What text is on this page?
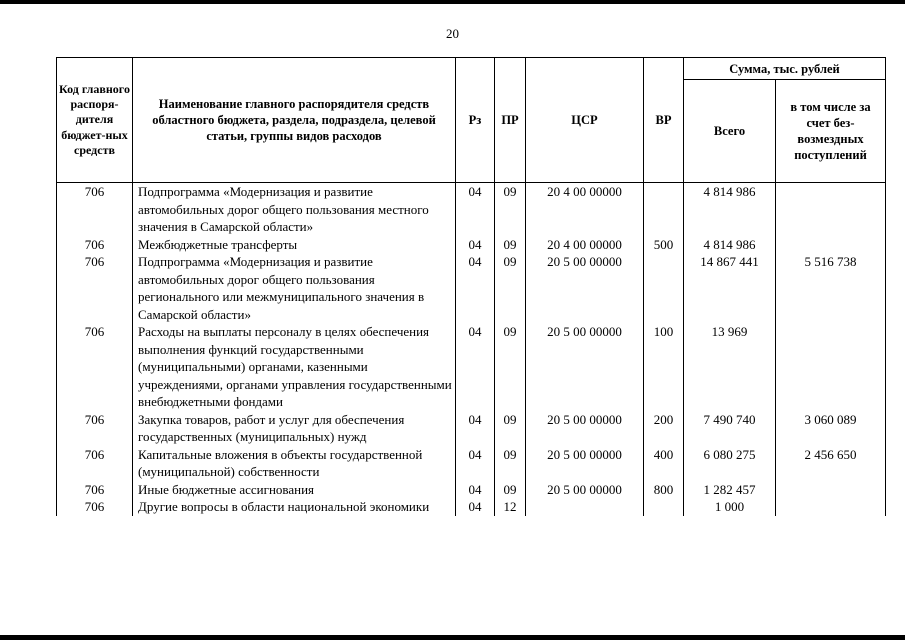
20
Код главного распоря-дителя бюджет-ных средств	Наименование главного распорядителя средств областного бюджета, раздела, подраздела, целевой статьи, группы видов расходов	Рз	ПР	ЦСР	ВР	Сумма, тыс. рублей	
						Всего	в том числе за счет без-возмездных поступлений
706	Подпрограмма «Модернизация и развитие автомобильных дорог общего пользования местного значения в Самарской области»	04	09	20 4 00 00000		4 814 986	
706	Межбюджетные трансферты	04	09	20 4 00 00000	500	4 814 986	
706	Подпрограмма «Модернизация и развитие автомобильных дорог общего пользования регионального или межмуниципального значения в Самарской области»	04	09	20 5 00 00000		14 867 441	5 516 738
706	Расходы на выплаты персоналу в целях обеспечения выполнения функций государственными (муниципальными) органами, казенными учреждениями, органами управления государственными внебюджетными фондами	04	09	20 5 00 00000	100	13 969	
706	Закупка товаров, работ и услуг для обеспечения государственных (муниципальных) нужд	04	09	20 5 00 00000	200	7 490 740	3 060 089
706	Капитальные вложения в объекты государственной (муниципальной) собственности	04	09	20 5 00 00000	400	6 080 275	2 456 650
706	Иные бюджетные ассигнования	04	09	20 5 00 00000	800	1 282 457	
706	Другие вопросы в области национальной экономики	04	12			1 000	
